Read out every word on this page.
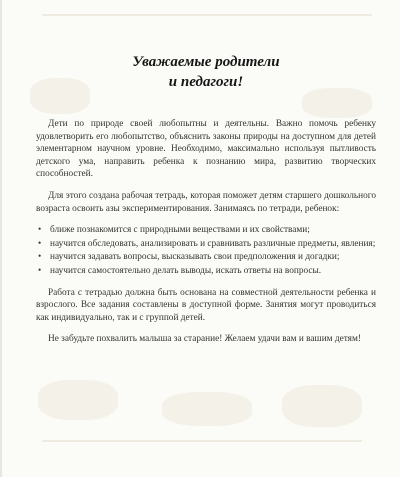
Уважаемые родители
и педагоги!

Дети по природе своей любопытны и деятельны. Важно помочь ребенку удовлетворить его любопытство, объяснить законы природы на доступном для детей элементарном научном уровне. Необходимо, максимально используя пытливость детского ума, направить ребенка к познанию мира, развитию творческих способностей.

Для этого создана рабочая тетрадь, которая поможет детям старшего дошкольного возраста освоить азы экспериментирования. Занимаясь по тетради, ребенок:

• ближе познакомится с природными веществами и их свойствами;
• научится обследовать, анализировать и сравнивать различные предметы, явления;
• научится задавать вопросы, высказывать свои предположения и догадки;
• научится самостоятельно делать выводы, искать ответы на вопросы.

Работа с тетрадью должна быть основана на совместной деятельности ребенка и взрослого. Все задания составлены в доступной форме. Занятия могут проводиться как индивидуально, так и с группой детей.

Не забудьте похвалить малыша за старание! Желаем удачи вам и вашим детям!
